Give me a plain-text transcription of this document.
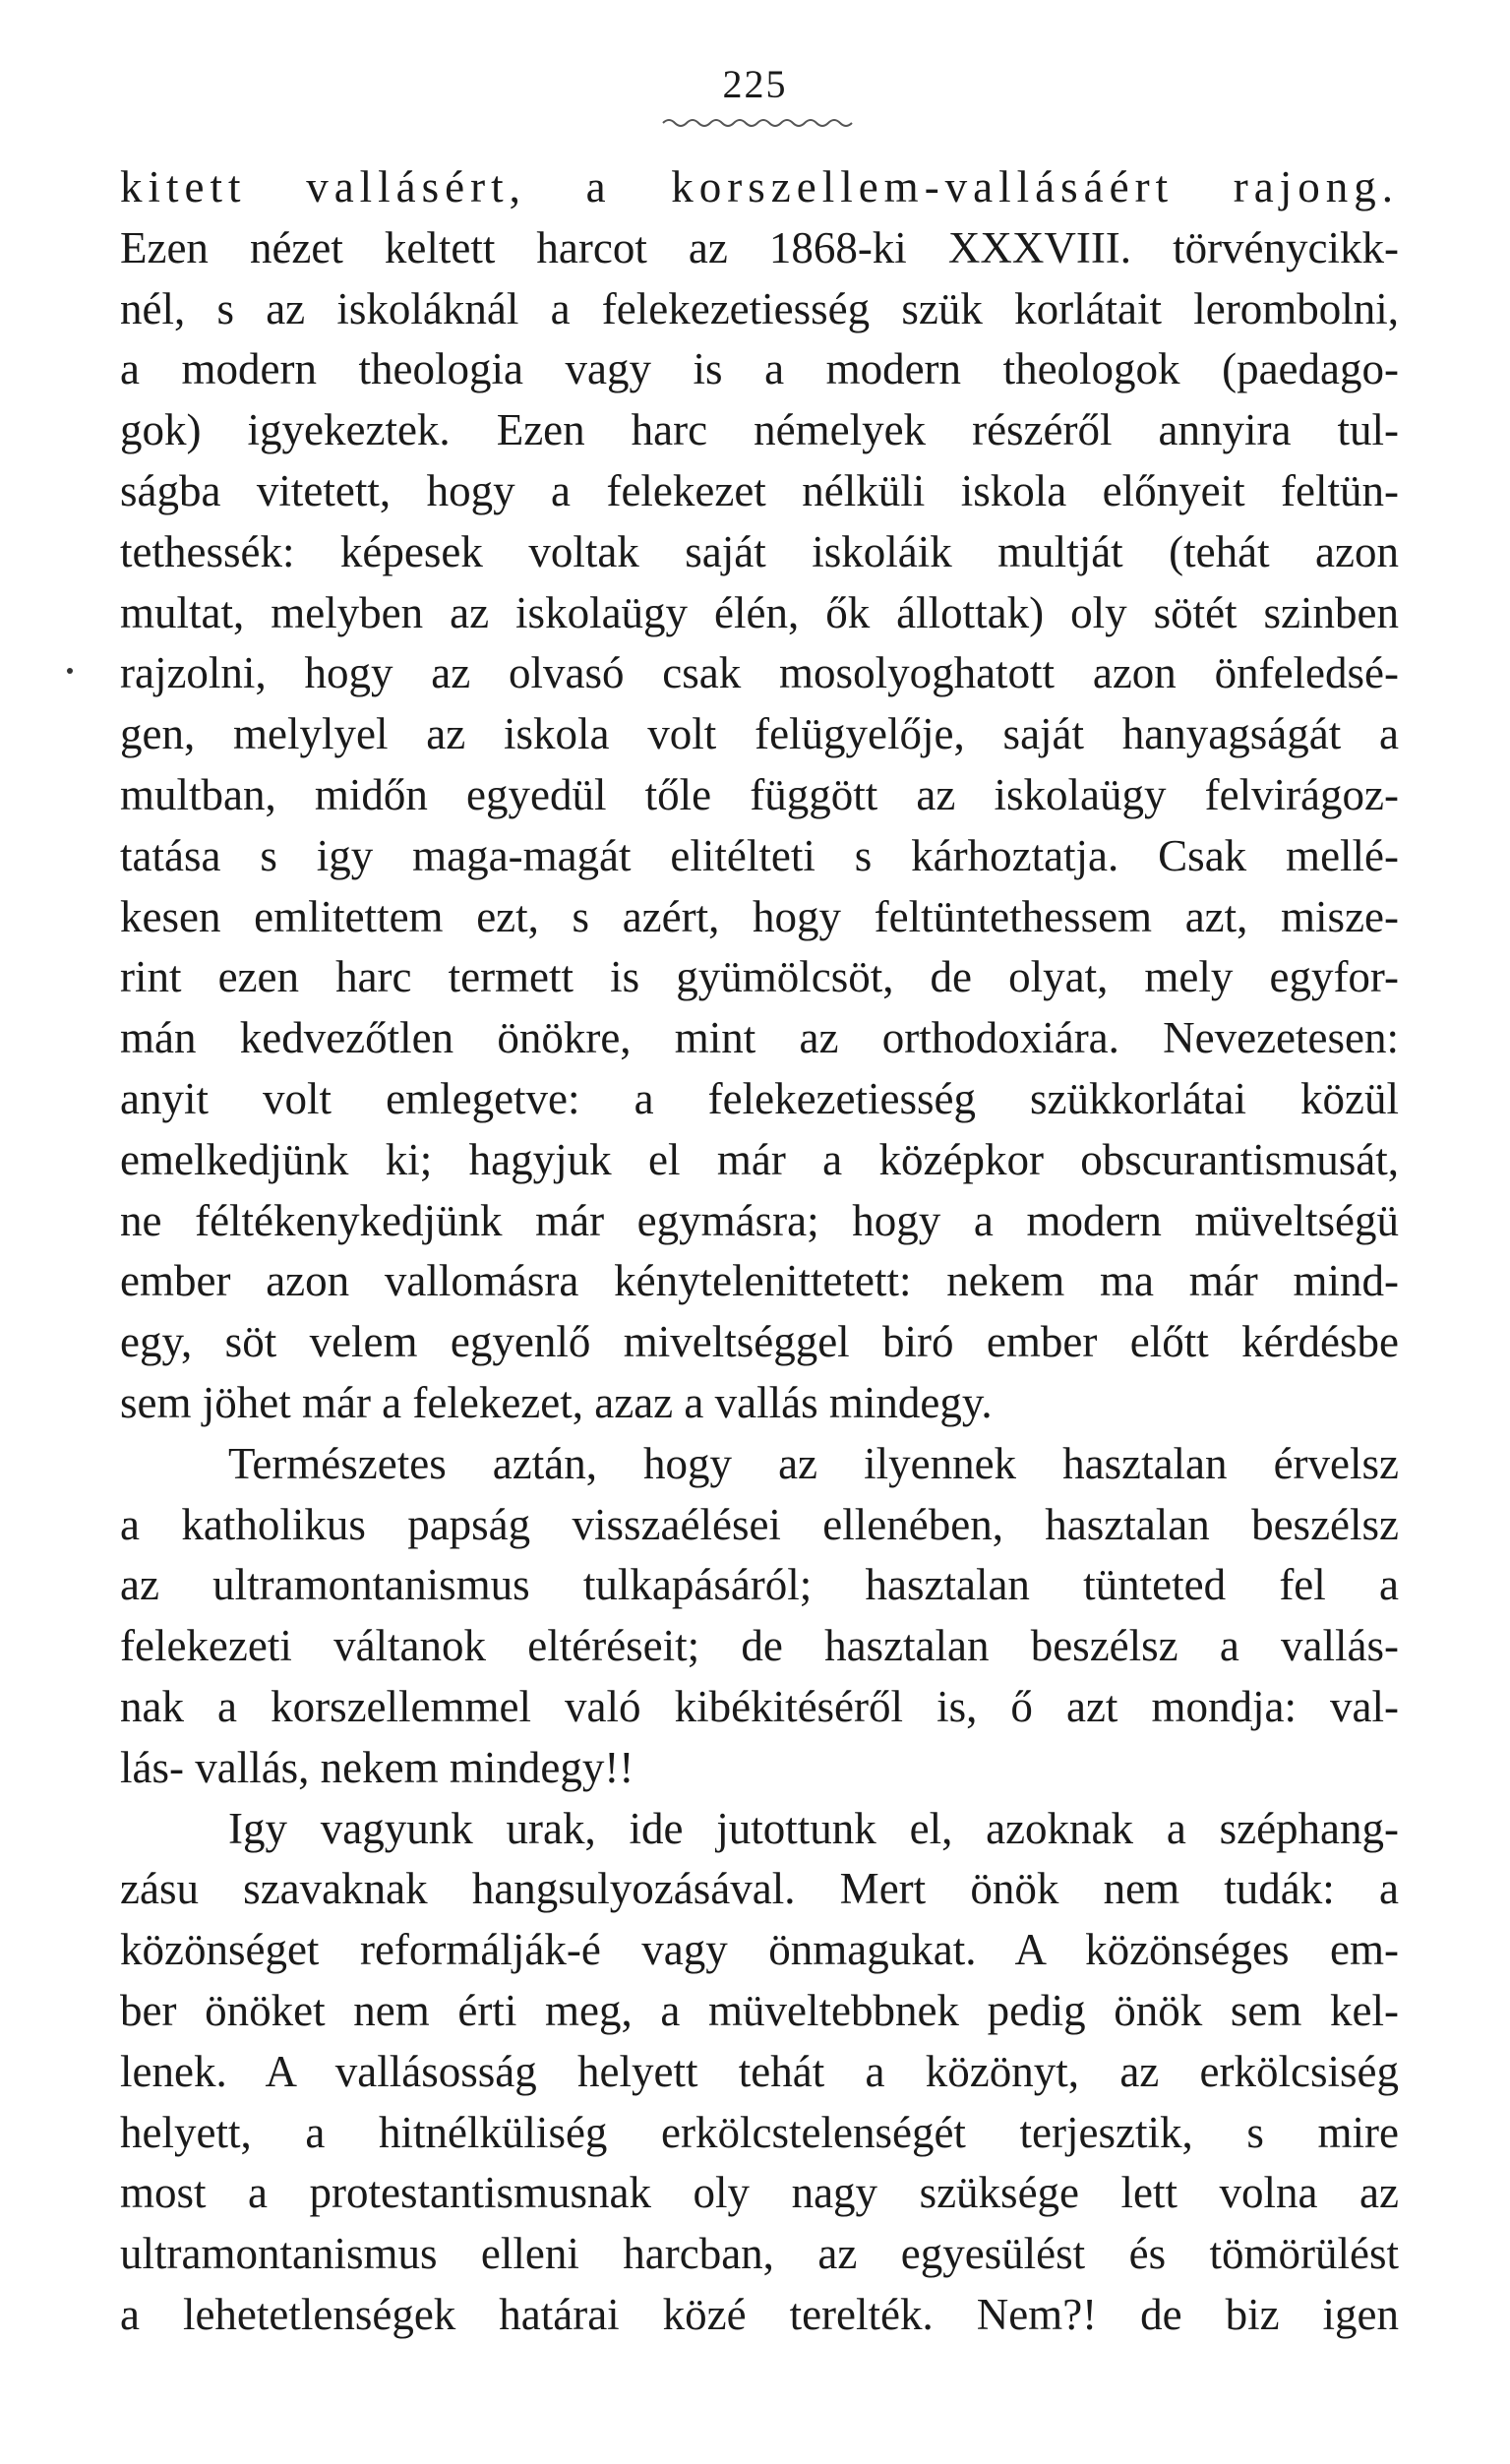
225
kitett vallásért, a korszellem-vallásáért rajong.
Ezen nézet keltett harcot az 1868-ki XXXVIII. törvénycikk-
nél, s az iskoláknál a felekezetiesség szük korlátait lerombolni,
a modern theologia vagy is a modern theologok (paedago-
gok) igyekeztek. Ezen harc némelyek részéről annyira tul-
ságba vitetett, hogy a felekezet nélküli iskola előnyeit feltün-
tethessék: képesek voltak saját iskoláik multját (tehát azon
multat, melyben az iskolaügy élén, ők állottak) oly sötét szinben
rajzolni, hogy az olvasó csak mosolyoghatott azon önfeledsé-
gen, melylyel az iskola volt felügyelője, saját hanyagságát a
multban, midőn egyedül tőle függött az iskolaügy felvirágoz-
tatása s igy maga-magát elitélteti s kárhoztatja. Csak mellé-
kesen emlitettem ezt, s azért, hogy feltüntethessem azt, misze-
rint ezen harc termett is gyümölcsöt, de olyat, mely egyfor-
mán kedvezőtlen önökre, mint az orthodoxiára. Nevezetesen:
anyit volt emlegetve: a felekezetiesség szükkorlátai közül
emelkedjünk ki; hagyjuk el már a középkor obscurantismusát,
ne féltékenykedjünk már egymásra; hogy a modern müveltségü
ember azon vallomásra kénytelenittetett: nekem ma már mind-
egy, söt velem egyenlő miveltséggel biró ember előtt kérdésbe
sem jöhet már a felekezet, azaz a vallás mindegy.
Természetes aztán, hogy az ilyennek hasztalan érvelsz
a katholikus papság visszaélései ellenében, hasztalan beszélsz
az ultramontanismus tulkapásáról; hasztalan tünteted fel a
felekezeti váltanok eltéréseit; de hasztalan beszélsz a vallás-
nak a korszellemmel való kibékitéséről is, ő azt mondja: val-
lás- vallás, nekem mindegy!!
Igy vagyunk urak, ide jutottunk el, azoknak a széphang-
zásu szavaknak hangsulyozásával. Mert önök nem tudák: a
közönséget reformálják-é vagy önmagukat. A közönséges em-
ber önöket nem érti meg, a müveltebbnek pedig önök sem kel-
lenek. A vallásosság helyett tehát a közönyt, az erkölcsiség
helyett, a hitnélküliség erkölcstelenségét terjesztik, s mire
most a protestantismusnak oly nagy szüksége lett volna az
ultramontanismus elleni harcban, az egyesülést és tömörülést
a lehetetlenségek határai közé terelték. Nem?! de biz igen
